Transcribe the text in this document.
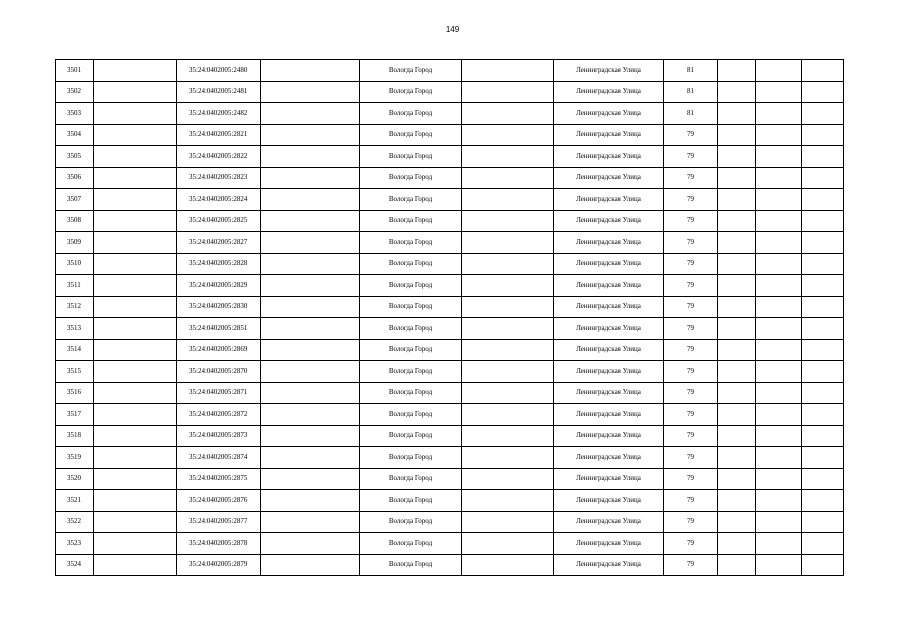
149
3501		35:24:0402005:2480		Вологда Город		Ленинградская Улица	81			
3502		35:24:0402005:2481		Вологда Город		Ленинградская Улица	81			
3503		35:24:0402005:2482		Вологда Город		Ленинградская Улица	81			
3504		35:24:0402005:2821		Вологда Город		Ленинградская Улица	79			
3505		35:24:0402005:2822		Вологда Город		Ленинградская Улица	79			
3506		35:24:0402005:2823		Вологда Город		Ленинградская Улица	79			
3507		35:24:0402005:2824		Вологда Город		Ленинградская Улица	79			
3508		35:24:0402005:2825		Вологда Город		Ленинградская Улица	79			
3509		35:24:0402005:2827		Вологда Город		Ленинградская Улица	79			
3510		35:24:0402005:2828		Вологда Город		Ленинградская Улица	79			
3511		35:24:0402005:2829		Вологда Город		Ленинградская Улица	79			
3512		35:24:0402005:2830		Вологда Город		Ленинградская Улица	79			
3513		35:24:0402005:2851		Вологда Город		Ленинградская Улица	79			
3514		35:24:0402005:2869		Вологда Город		Ленинградская Улица	79			
3515		35:24:0402005:2870		Вологда Город		Ленинградская Улица	79			
3516		35:24:0402005:2871		Вологда Город		Ленинградская Улица	79			
3517		35:24:0402005:2872		Вологда Город		Ленинградская Улица	79			
3518		35:24:0402005:2873		Вологда Город		Ленинградская Улица	79			
3519		35:24:0402005:2874		Вологда Город		Ленинградская Улица	79			
3520		35:24:0402005:2875		Вологда Город		Ленинградская Улица	79			
3521		35:24:0402005:2876		Вологда Город		Ленинградская Улица	79			
3522		35:24:0402005:2877		Вологда Город		Ленинградская Улица	79			
3523		35:24:0402005:2878		Вологда Город		Ленинградская Улица	79			
3524		35:24:0402005:2879		Вологда Город		Ленинградская Улица	79			
